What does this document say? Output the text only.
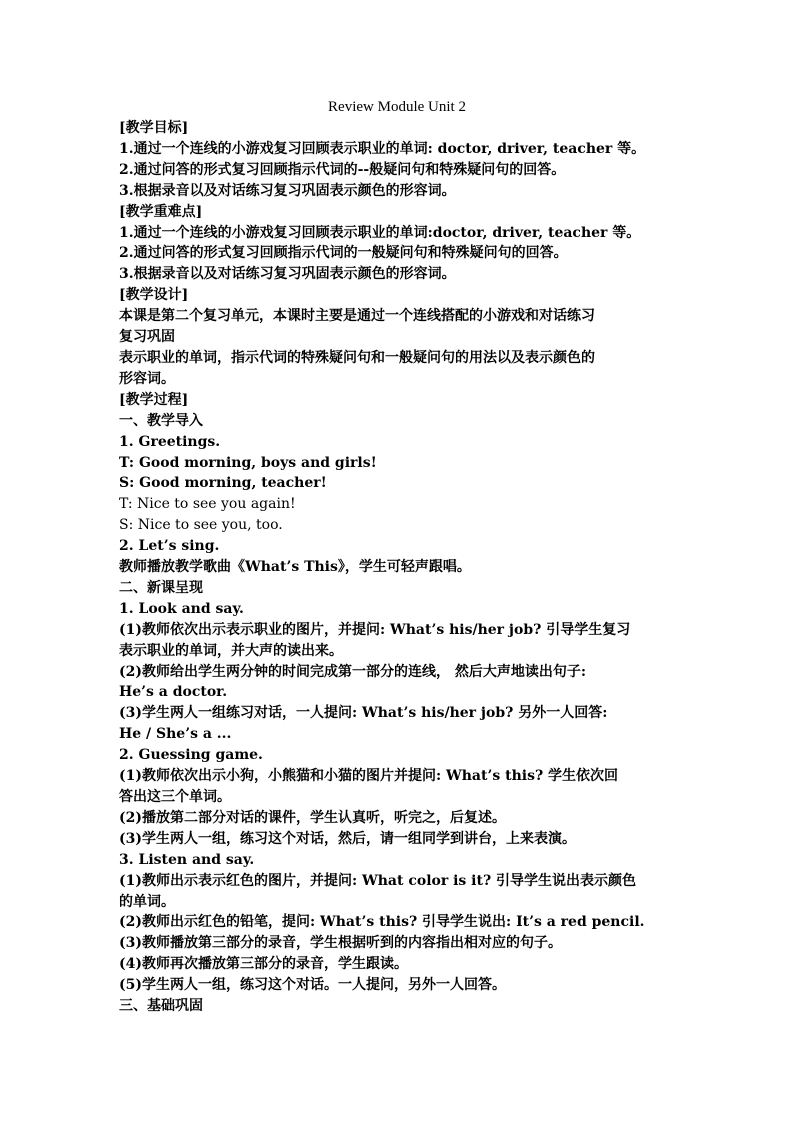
Review Module Unit 2
[教学目标]
1.通过一个连线的小游戏复习回顾表示职业的单词: doctor, driver, teacher 等。
2.通过问答的形式复习回顾指示代词的--般疑问句和特殊疑问句的回答。
3.根据录音以及对话练习复习巩固表示颜色的形容词。
[教学重难点]
1.通过一个连线的小游戏复习回顾表示职业的单词:doctor, driver, teacher 等。
2.通过问答的形式复习回顾指示代词的一般疑问句和特殊疑问句的回答。
3.根据录音以及对话练习复习巩固表示颜色的形容词。
[教学设计]
本课是第二个复习单元，本课时主要是通过一个连线搭配的小游戏和对话练习
复习巩固
表示职业的单词，指示代词的特殊疑问句和一般疑问句的用法以及表示颜色的
形容词。
[教学过程]
一、教学导入
1. Greetings.
T: Good morning, boys and girls!
S: Good morning, teacher!
T: Nice to see you again!
S: Nice to see you, too.
2. Let’s sing.
教师播放教学歌曲《What’s This》，学生可轻声跟唱。
二、新课呈现
1. Look and say.
(1)教师依次出示表示职业的图片，并提问: What’s his/her job? 引导学生复习
表示职业的单词，并大声的读出来。
(2)教师给出学生两分钟的时间完成第一部分的连线， 然后大声地读出句子:
He’s a doctor.
(3)学生两人一组练习对话，一人提问: What’s his/her job? 另外一人回答:
He / She’s a ...
2. Guessing game.
(1)教师依次出示小狗，小熊猫和小猫的图片并提问: What’s this? 学生依次回
答出这三个单词。
(2)播放第二部分对话的课件，学生认真听，听完之，后复述。
(3)学生两人一组，练习这个对话，然后，请一组同学到讲台，上来表演。
3. Listen and say.
(1)教师出示表示红色的图片，并提问: What color is it? 引导学生说出表示颜色
的单词。
(2)教师出示红色的铅笔，提问: What’s this? 引导学生说出: It’s a red pencil.
(3)教师播放第三部分的录音，学生根据听到的内容指出相对应的句子。
(4)教师再次播放第三部分的录音，学生跟读。
(5)学生两人一组，练习这个对话。一人提问，另外一人回答。
三、基础巩固
